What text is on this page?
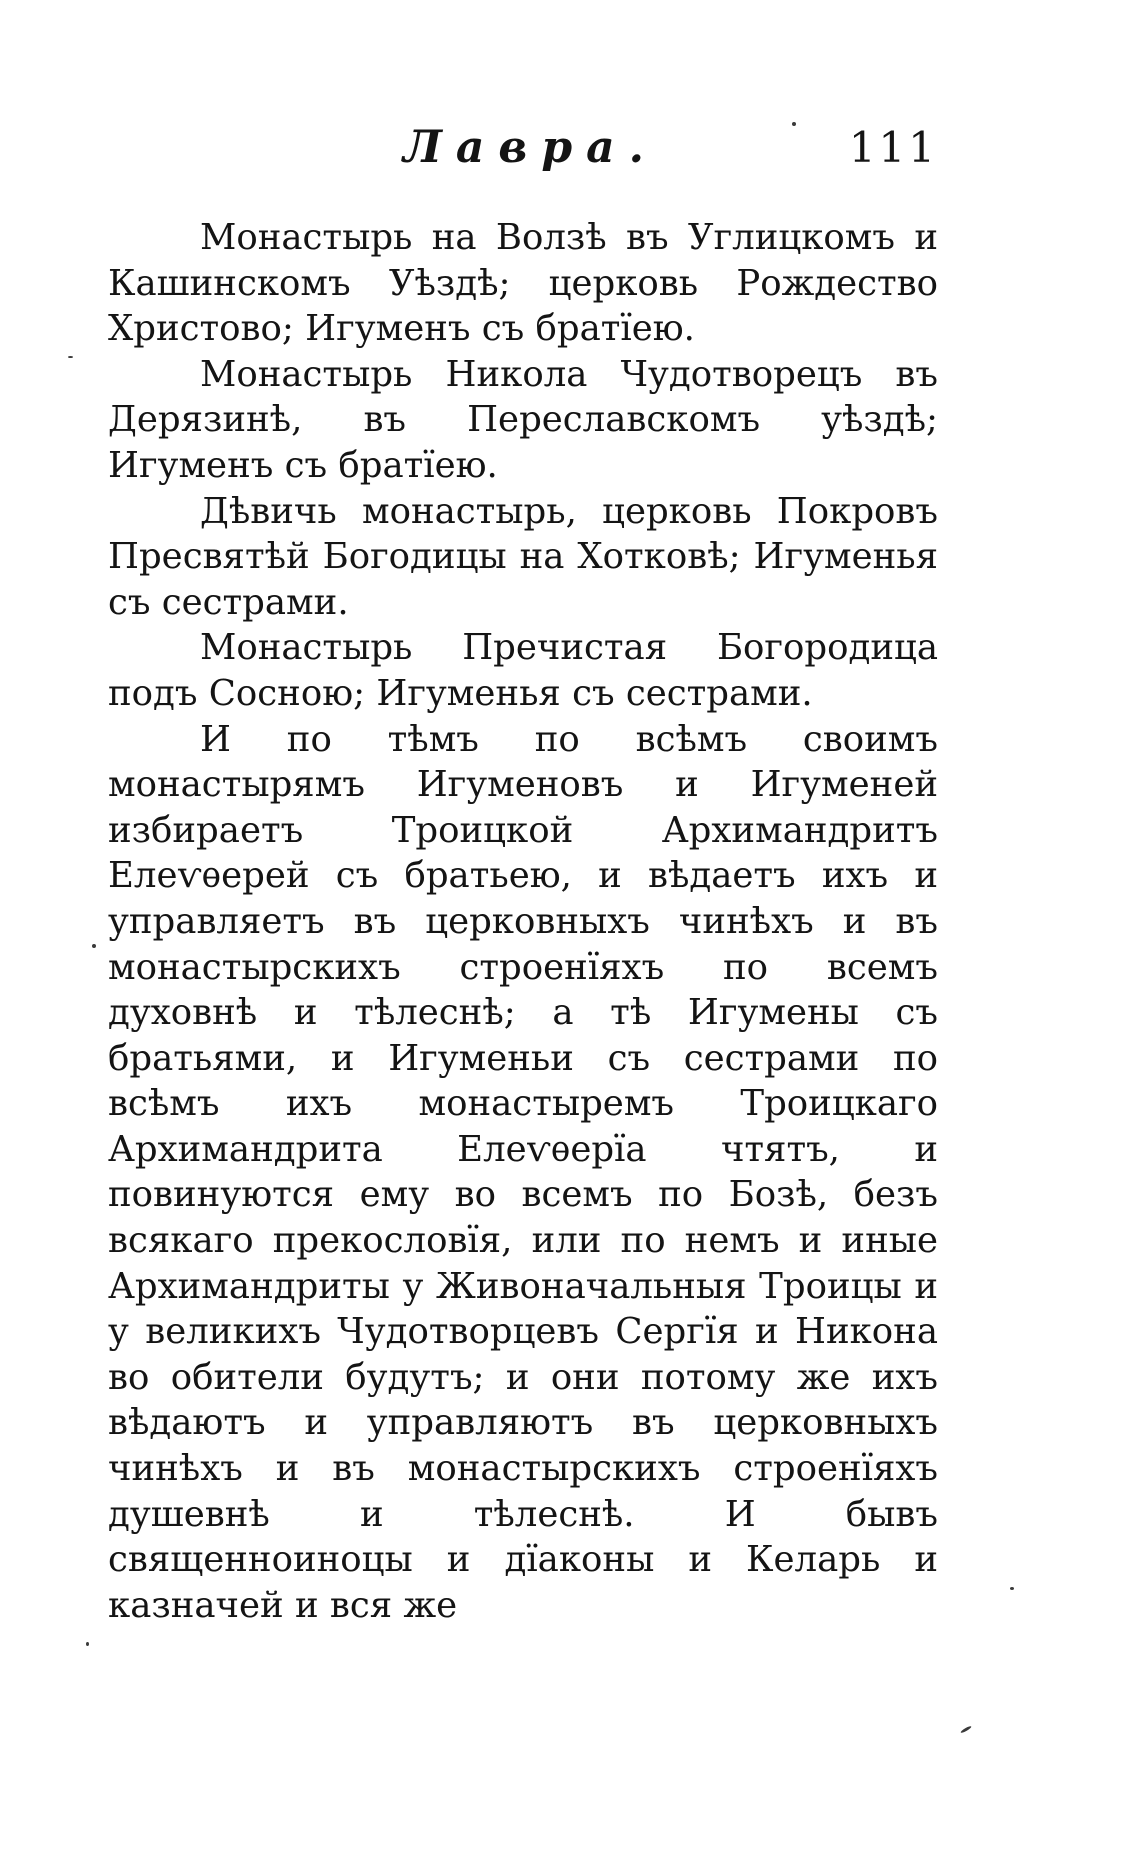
Лавра.	111

Монастырь на Волзѣ въ Углицкомъ и Кашинскомъ Уѣздѣ; церковь Рождество Христово; Игуменъ съ братїею.

Монастырь Никола Чудотворецъ въ Дерязинѣ, въ Переславскомъ уѣздѣ; Игуменъ съ братїею.

Дѣвичь монастырь, церковь Покровъ Пресвятѣй Богодицы на Хотковѣ; Игуменья съ сестрами.

Монастырь Пречистая Богородица подъ Сосною; Игуменья съ сестрами.

И по тѣмъ по всѣмъ своимъ монастырямъ Игуменовъ и Игуменей избираетъ Троицкой Архимандритъ Елеѵѳерей съ братьею, и вѣдаетъ ихъ и управляетъ въ церковныхъ чинѣхъ и въ монастырскихъ строенїяхъ по всемъ духовнѣ и тѣлеснѣ; а тѣ Игумены съ братьями, и Игуменьи съ сестрами по всѣмъ ихъ монастыремъ Троицкаго Архимандрита Елеѵѳерїа чтятъ, и повинуются ему во всемъ по Бозѣ, безъ всякаго прекословїя, или по немъ и иные Архимандриты у Живоначальныя Троицы и у великихъ Чудотворцевъ Сергїя и Никона во обители будутъ; и они потому же ихъ вѣдаютъ и управляютъ въ церковныхъ чинѣхъ и въ монастырскихъ строенїяхъ душевнѣ и тѣлеснѣ. И бывъ священноиноцы и дїаконы и Келарь и казначей и вся же
